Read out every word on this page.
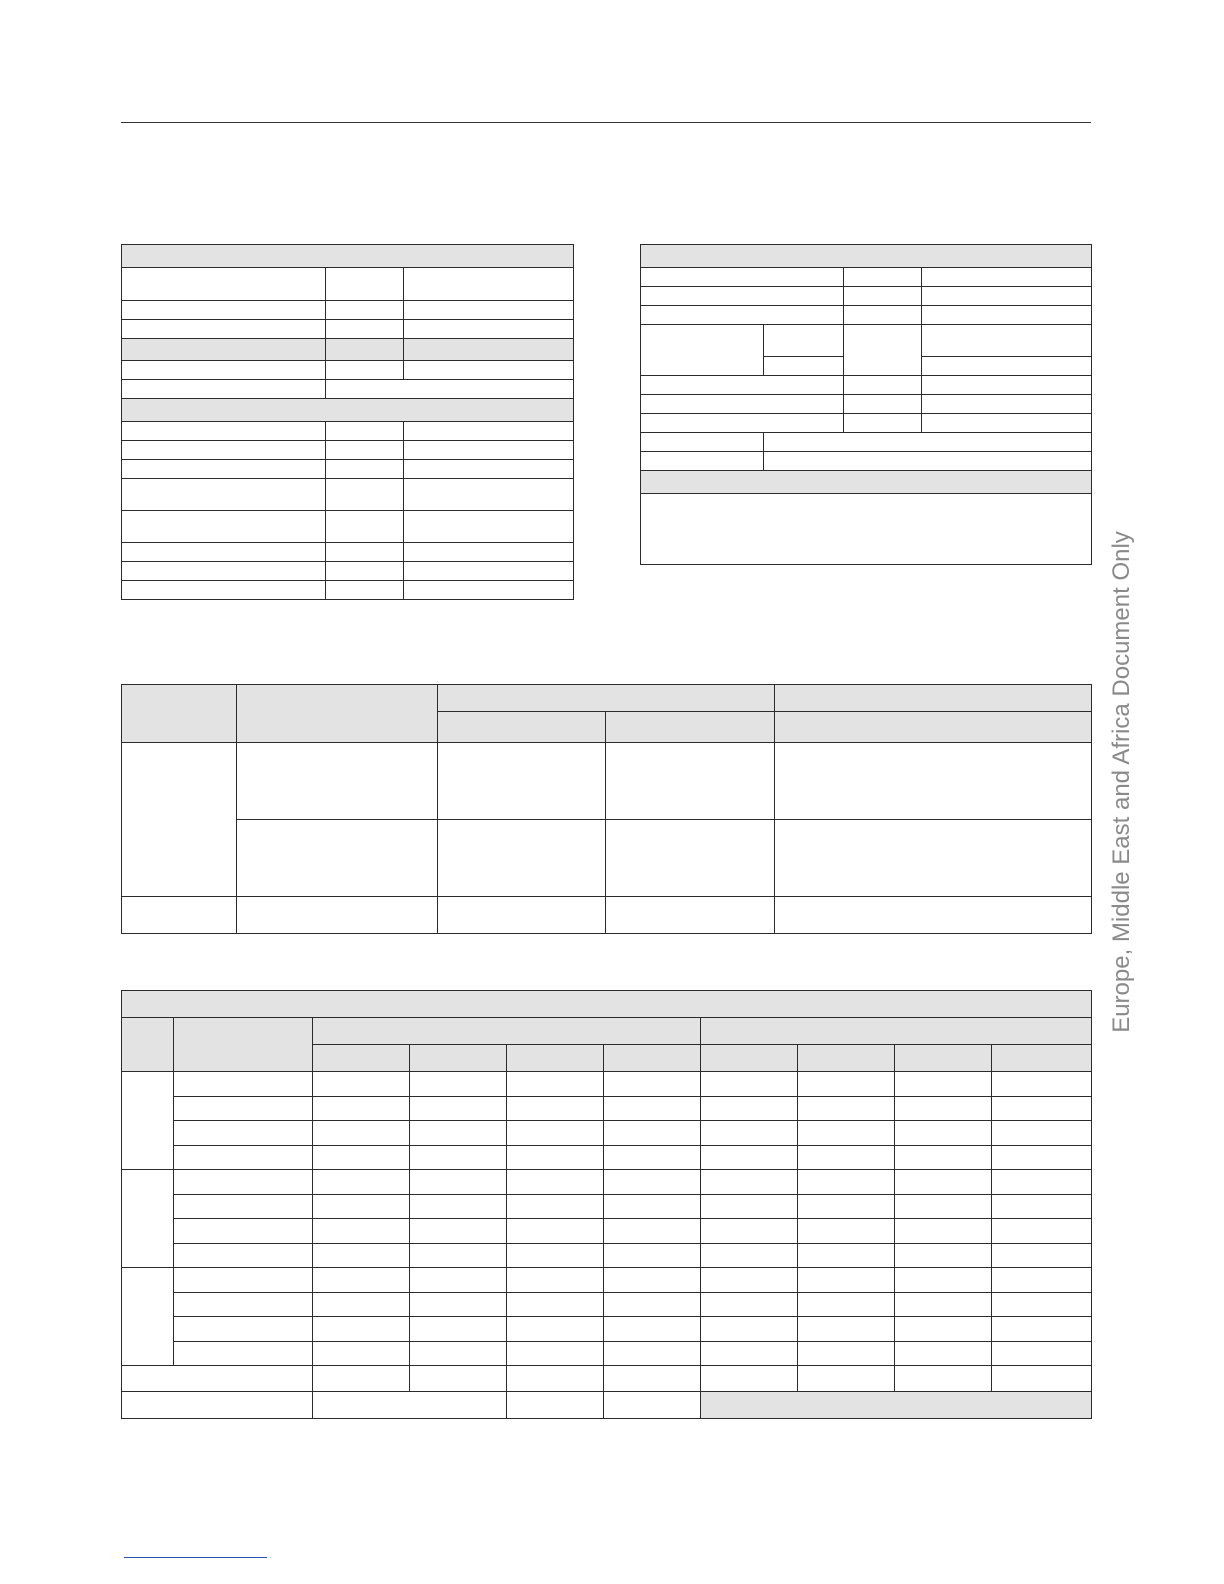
Europe, Middle East and Africa Document Only
